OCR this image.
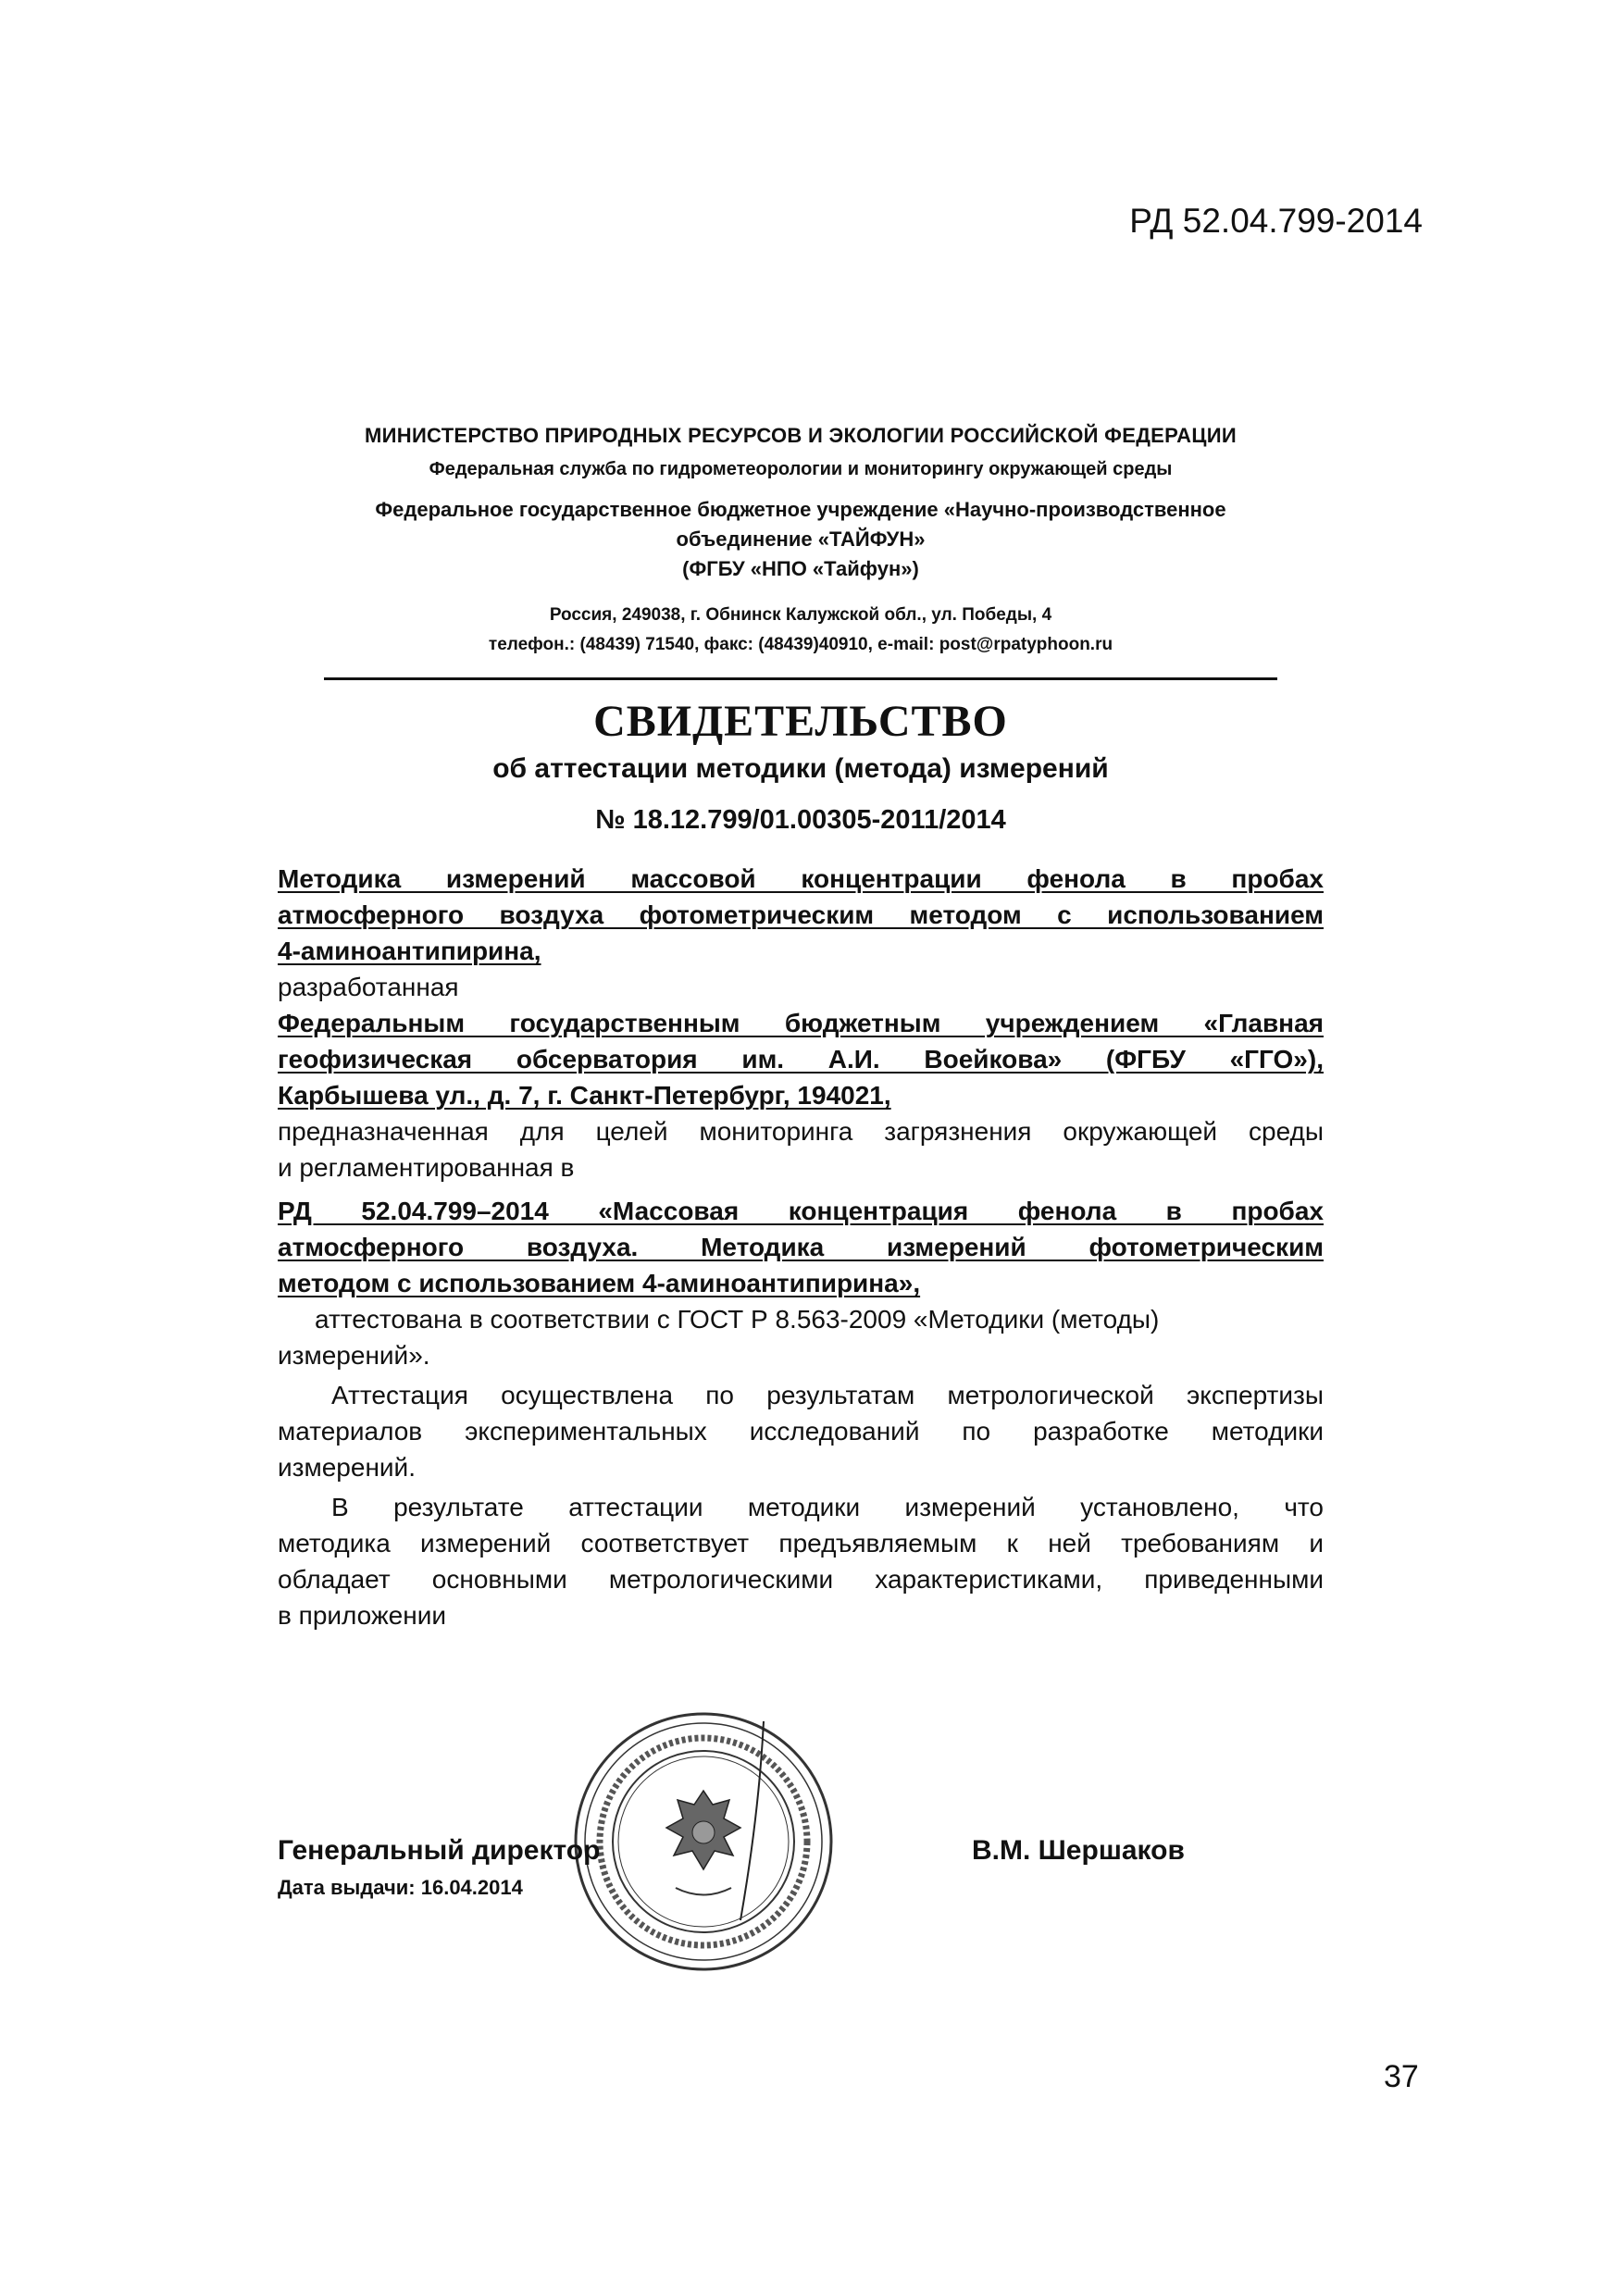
РД 52.04.799-2014
МИНИСТЕРСТВО ПРИРОДНЫХ РЕСУРСОВ И ЭКОЛОГИИ РОССИЙСКОЙ ФЕДЕРАЦИИ
Федеральная служба по гидрометеорологии и мониторингу окружающей среды
Федеральное государственное бюджетное учреждение «Научно-производственное
объединение «ТАЙФУН»
(ФГБУ «НПО «Тайфун»)
Россия, 249038, г. Обнинск Калужской обл., ул. Победы, 4
телефон.: (48439) 71540, факс: (48439)40910, e-mail: post@rpatyphoon.ru
СВИДЕТЕЛЬСТВО
об аттестации методики (метода) измерений
№ 18.12.799/01.00305-2011/2014
Методика измерений массовой концентрации фенола в пробах
атмосферного воздуха фотометрическим методом с использованием
4-аминоантипирина,
разработанная
Федеральным государственным бюджетным учреждением «Главная
геофизическая обсерватория им. А.И. Воейкова» (ФГБУ «ГГО»),
Карбышева ул., д. 7, г. Санкт-Петербург, 194021,
предназначенная для целей мониторинга загрязнения окружающей среды
и регламентированная в
РД 52.04.799–2014 «Массовая концентрация фенола в пробах
атмосферного воздуха. Методика измерений фотометрическим
методом с использованием 4-аминоантипирина»,
аттестована в соответствии с ГОСТ Р 8.563-2009 «Методики (методы)
измерений».
Аттестация осуществлена по результатам метрологической экспертизы
материалов экспериментальных исследований по разработке методики
измерений.
В результате аттестации методики измерений установлено, что
методика измерений соответствует предъявляемым к ней требованиям и
обладает основными метрологическими характеристиками, приведенными
в приложении
Генеральный директор
Дата выдачи: 16.04.2014
В.М. Шершаков
37
